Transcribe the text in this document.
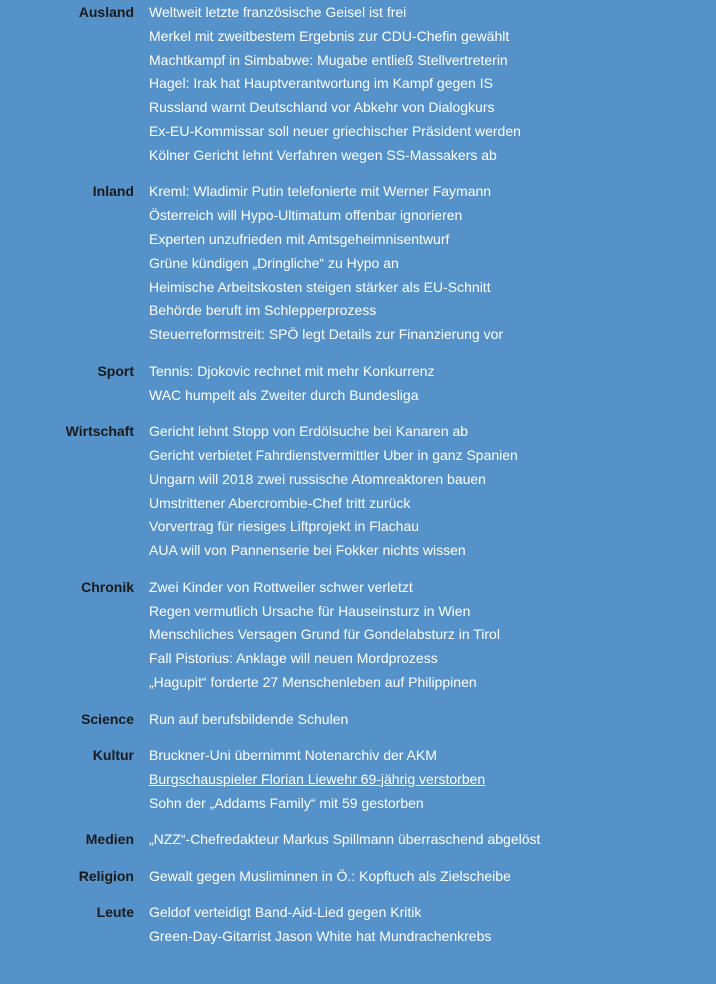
Ausland Weltweit letzte französische Geisel ist frei
Merkel mit zweitbestem Ergebnis zur CDU-Chefin gewählt
Machtkampf in Simbabwe: Mugabe entließ Stellvertreterin
Hagel: Irak hat Hauptverantwortung im Kampf gegen IS
Russland warnt Deutschland vor Abkehr von Dialogkurs
Ex-EU-Kommissar soll neuer griechischer Präsident werden
Kölner Gericht lehnt Verfahren wegen SS-Massakers ab
Inland Kreml: Wladimir Putin telefonierte mit Werner Faymann
Österreich will Hypo-Ultimatum offenbar ignorieren
Experten unzufrieden mit Amtsgeheimnisentwurf
Grüne kündigen „Dringliche“ zu Hypo an
Heimische Arbeitskosten steigen stärker als EU-Schnitt
Behörde beruft im Schlepperprozess
Steuerreformstreit: SPÖ legt Details zur Finanzierung vor
Sport Tennis: Djokovic rechnet mit mehr Konkurrenz
WAC humpelt als Zweiter durch Bundesliga
Wirtschaft Gericht lehnt Stopp von Erdölsuche bei Kanaren ab
Gericht verbietet Fahrdienstvermittler Uber in ganz Spanien
Ungarn will 2018 zwei russische Atomreaktoren bauen
Umstrittener Abercrombie-Chef tritt zurück
Vorvertrag für riesiges Liftprojekt in Flachau
AUA will von Pannenserie bei Fokker nichts wissen
Chronik Zwei Kinder von Rottweiler schwer verletzt
Regen vermutlich Ursache für Hauseinsturz in Wien
Menschliches Versagen Grund für Gondelabsturz in Tirol
Fall Pistorius: Anklage will neuen Mordprozess
„Hagupit“ forderte 27 Menschenleben auf Philippinen
Science Run auf berufsbildende Schulen
Kultur Bruckner-Uni übernimmt Notenarchiv der AKM
Burgschauspieler Florian Liewehr 69-jährig verstorben
Sohn der „Addams Family“ mit 59 gestorben
Medien „NZZ“-Chefredakteur Markus Spillmann überraschend abgelöst
Religion Gewalt gegen Musliminnen in Ö.: Kopftuch als Zielscheibe
Leute Geldof verteidigt Band-Aid-Lied gegen Kritik
Green-Day-Gitarrist Jason White hat Mundrachenkrebs
